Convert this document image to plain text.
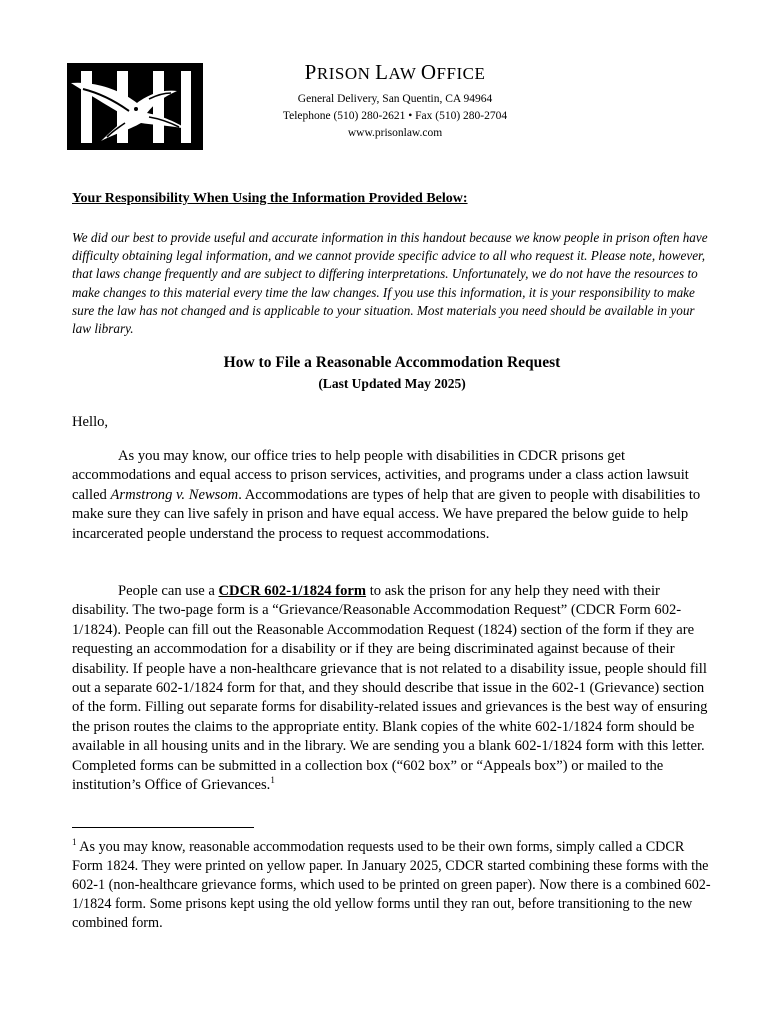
PRISON LAW OFFICE
General Delivery, San Quentin, CA 94964
Telephone (510) 280-2621 • Fax (510) 280-2704
www.prisonlaw.com
Your Responsibility When Using the Information Provided Below:
We did our best to provide useful and accurate information in this handout because we know people in prison often have difficulty obtaining legal information, and we cannot provide specific advice to all who request it. Please note, however, that laws change frequently and are subject to differing interpretations. Unfortunately, we do not have the resources to make changes to this material every time the law changes. If you use this information, it is your responsibility to make sure the law has not changed and is applicable to your situation. Most materials you need should be available in your law library.
How to File a Reasonable Accommodation Request
(Last Updated May 2025)
Hello,
As you may know, our office tries to help people with disabilities in CDCR prisons get accommodations and equal access to prison services, activities, and programs under a class action lawsuit called Armstrong v. Newsom. Accommodations are types of help that are given to people with disabilities to make sure they can live safely in prison and have equal access. We have prepared the below guide to help incarcerated people understand the process to request accommodations.
People can use a CDCR 602-1/1824 form to ask the prison for any help they need with their disability. The two-page form is a “Grievance/Reasonable Accommodation Request” (CDCR Form 602-1/1824). People can fill out the Reasonable Accommodation Request (1824) section of the form if they are requesting an accommodation for a disability or if they are being discriminated against because of their disability. If people have a non-healthcare grievance that is not related to a disability issue, people should fill out a separate 602-1/1824 form for that, and they should describe that issue in the 602-1 (Grievance) section of the form. Filling out separate forms for disability-related issues and grievances is the best way of ensuring the prison routes the claims to the appropriate entity. Blank copies of the white 602-1/1824 form should be available in all housing units and in the library. We are sending you a blank 602-1/1824 form with this letter. Completed forms can be submitted in a collection box (“602 box” or “Appeals box”) or mailed to the institution’s Office of Grievances.$^1$
$^1$ As you may know, reasonable accommodation requests used to be their own forms, simply called a CDCR Form 1824. They were printed on yellow paper. In January 2025, CDCR started combining these forms with the 602-1 (non-healthcare grievance forms, which used to be printed on green paper). Now there is a combined 602-1/1824 form. Some prisons kept using the old yellow forms until they ran out, before transitioning to the new combined form.
